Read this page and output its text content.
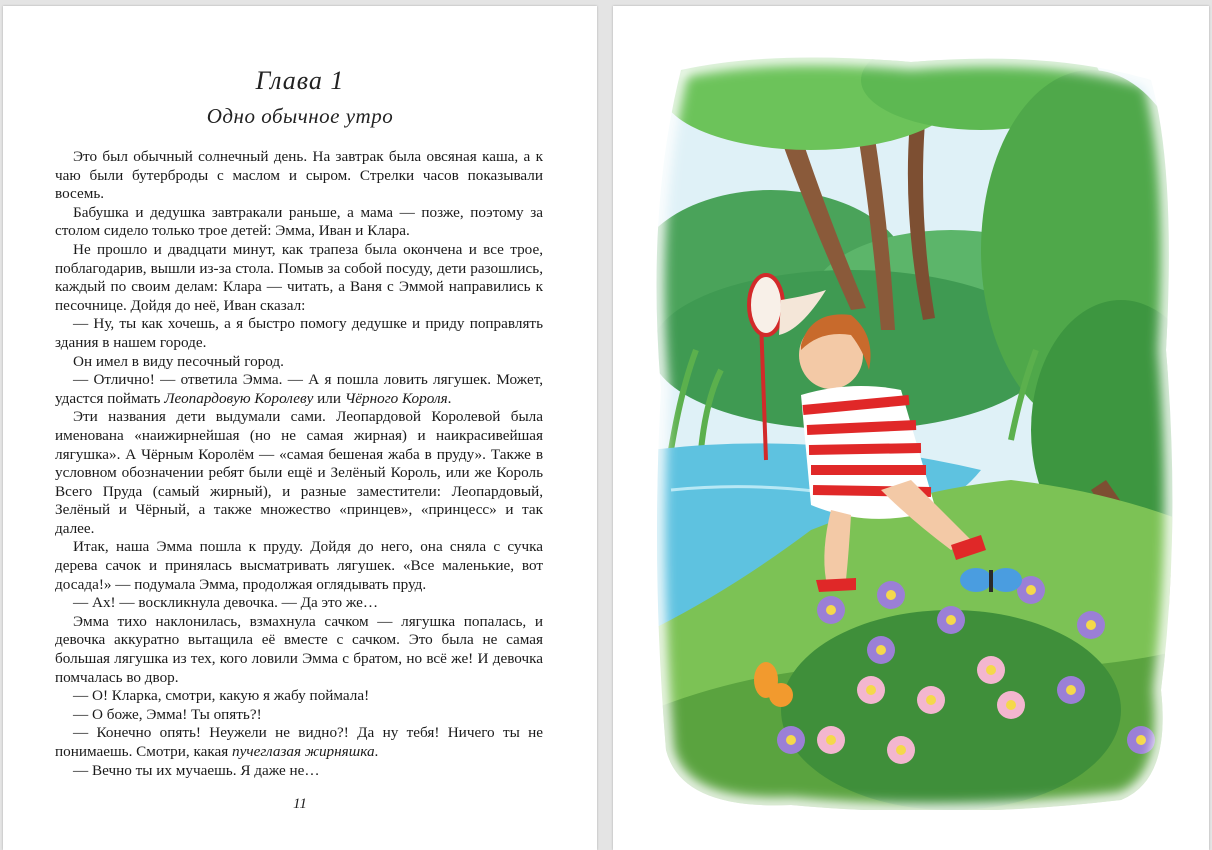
Глава 1
Одно обычное утро

Это был обычный солнечный день. На завтрак была овсяная каша, а к чаю были бутерброды с маслом и сыром. Стрелки часов показывали восемь.

Бабушка и дедушка завтракали раньше, а мама — позже, поэтому за столом сидело только трое детей: Эмма, Иван и Клара.

Не прошло и двадцати минут, как трапеза была окончена и все трое, поблагодарив, вышли из-за стола. Помыв за собой посуду, дети разошлись, каждый по своим делам: Клара — читать, а Ваня с Эммой направились к песочнице. Дойдя до неё, Иван сказал:

— Ну, ты как хочешь, а я быстро помогу дедушке и приду поправлять здания в нашем городе.

Он имел в виду песочный город.

— Отлично! — ответила Эмма. — А я пошла ловить лягушек. Может, удастся поймать Леопардовую Королеву или Чёрного Короля.

Эти названия дети выдумали сами. Леопардовой Королевой была именована «наижирнейшая (но не самая жирная) и наикрасивейшая лягушка». А Чёрным Королём — «самая бешеная жаба в пруду». Также в условном обозначении ребят были ещё и Зелёный Король, или же Король Всего Пруда (самый жирный), и разные заместители: Леопардовый, Зелёный и Чёрный, а также множество «принцев», «принцесс» и так далее.

Итак, наша Эмма пошла к пруду. Дойдя до него, она сняла с сучка дерева сачок и принялась высматривать лягушек. «Все маленькие, вот досада!» — подумала Эмма, продолжая оглядывать пруд.

— Ах! — воскликнула девочка. — Да это же…

Эмма тихо наклонилась, взмахнула сачком — лягушка попалась, и девочка аккуратно вытащила её вместе с сачком. Это была не самая большая лягушка из тех, кого ловили Эмма с братом, но всё же! И девочка помчалась во двор.

— О! Кларка, смотри, какую я жабу поймала!

— О боже, Эмма! Ты опять?!

— Конечно опять! Неужели не видно?! Да ну тебя! Ничего ты не понимаешь. Смотри, какая пучеглазая жирняшка.

— Вечно ты их мучаешь. Я даже не…

11
